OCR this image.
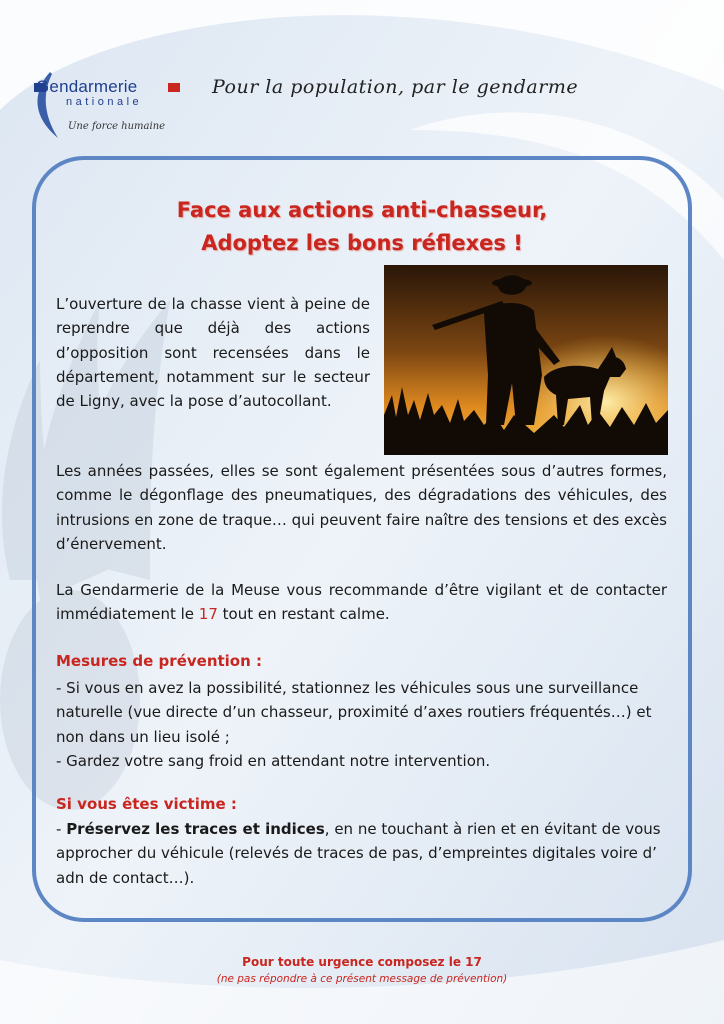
Gendarmerie
nationale
Une force humaine
Pour la population, par le gendarme
Face aux actions anti-chasseur,
Adoptez les bons réflexes !
L’ouverture de la chasse vient à peine de reprendre que déjà des actions d’opposition sont recensées dans le département, notamment sur le secteur de Ligny, avec la pose d’autocollant.
Les années passées, elles se sont également présentées sous d’autres formes, comme le dégonflage des pneumatiques, des dégradations des véhicules, des intrusions en zone de traque… qui peuvent faire naître des tensions et des excès d’énervement.
La Gendarmerie de la Meuse vous recommande d’être vigilant et de contacter immédiatement le 17 tout en restant calme.
Mesures de prévention :
- Si vous en avez la possibilité, stationnez les véhicules sous une surveillance naturelle (vue directe d’un chasseur, proximité d’axes routiers fréquentés…) et non dans un lieu isolé ;
- Gardez votre sang froid en attendant notre intervention.
Si vous êtes victime :
- Préservez les traces et indices, en ne touchant à rien et en évitant de vous approcher du véhicule (relevés de traces de pas, d’empreintes digitales voire d’ adn de contact…).
Pour toute urgence composez le 17
(ne pas répondre à ce présent message de prévention)
